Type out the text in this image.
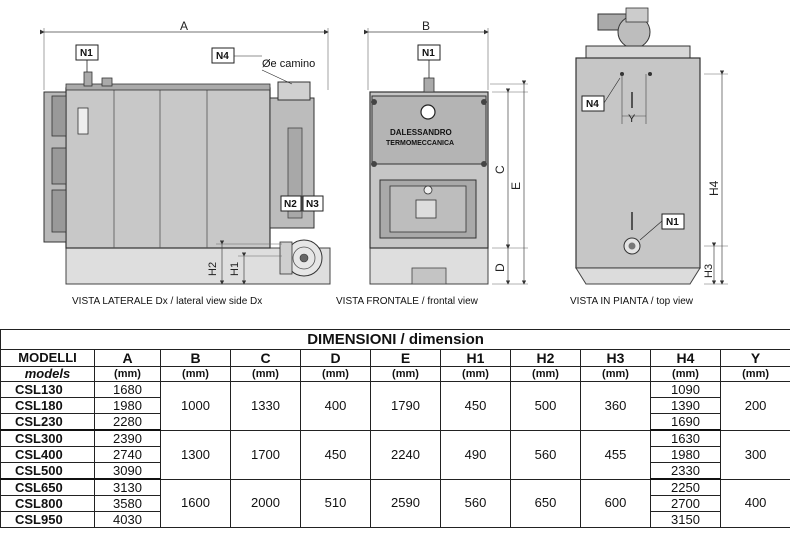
A
N1	N4
Øe camino
N2 N3
H2 H1
B
DALESSANDRO
TERMOMECCANICA
N1
C
D
E
Y
N4
N1
H4
H3
VISTA LATERALE Dx / lateral view side Dx	VISTA FRONTALE / frontal view	VISTA IN PIANTA / top view
DIMENSIONI / dimension										
MODELLI	A	B	C	D	E	H1	H2	H3	H4	Y
models	(mm)	(mm)	(mm)	(mm)	(mm)	(mm)	(mm)	(mm)	(mm)	(mm)
CSL130	1680	1000	1330	400	1790	450	500	360	1090	200
CSL180	1980								1390	
CSL230	2280								1690	
CSL300	2390	1300	1700	450	2240	490	560	455	1630	300
CSL400	2740								1980	
CSL500	3090								2330	
CSL650	3130	1600	2000	510	2590	560	650	600	2250	400
CSL800	3580								2700	
CSL950	4030								3150	
